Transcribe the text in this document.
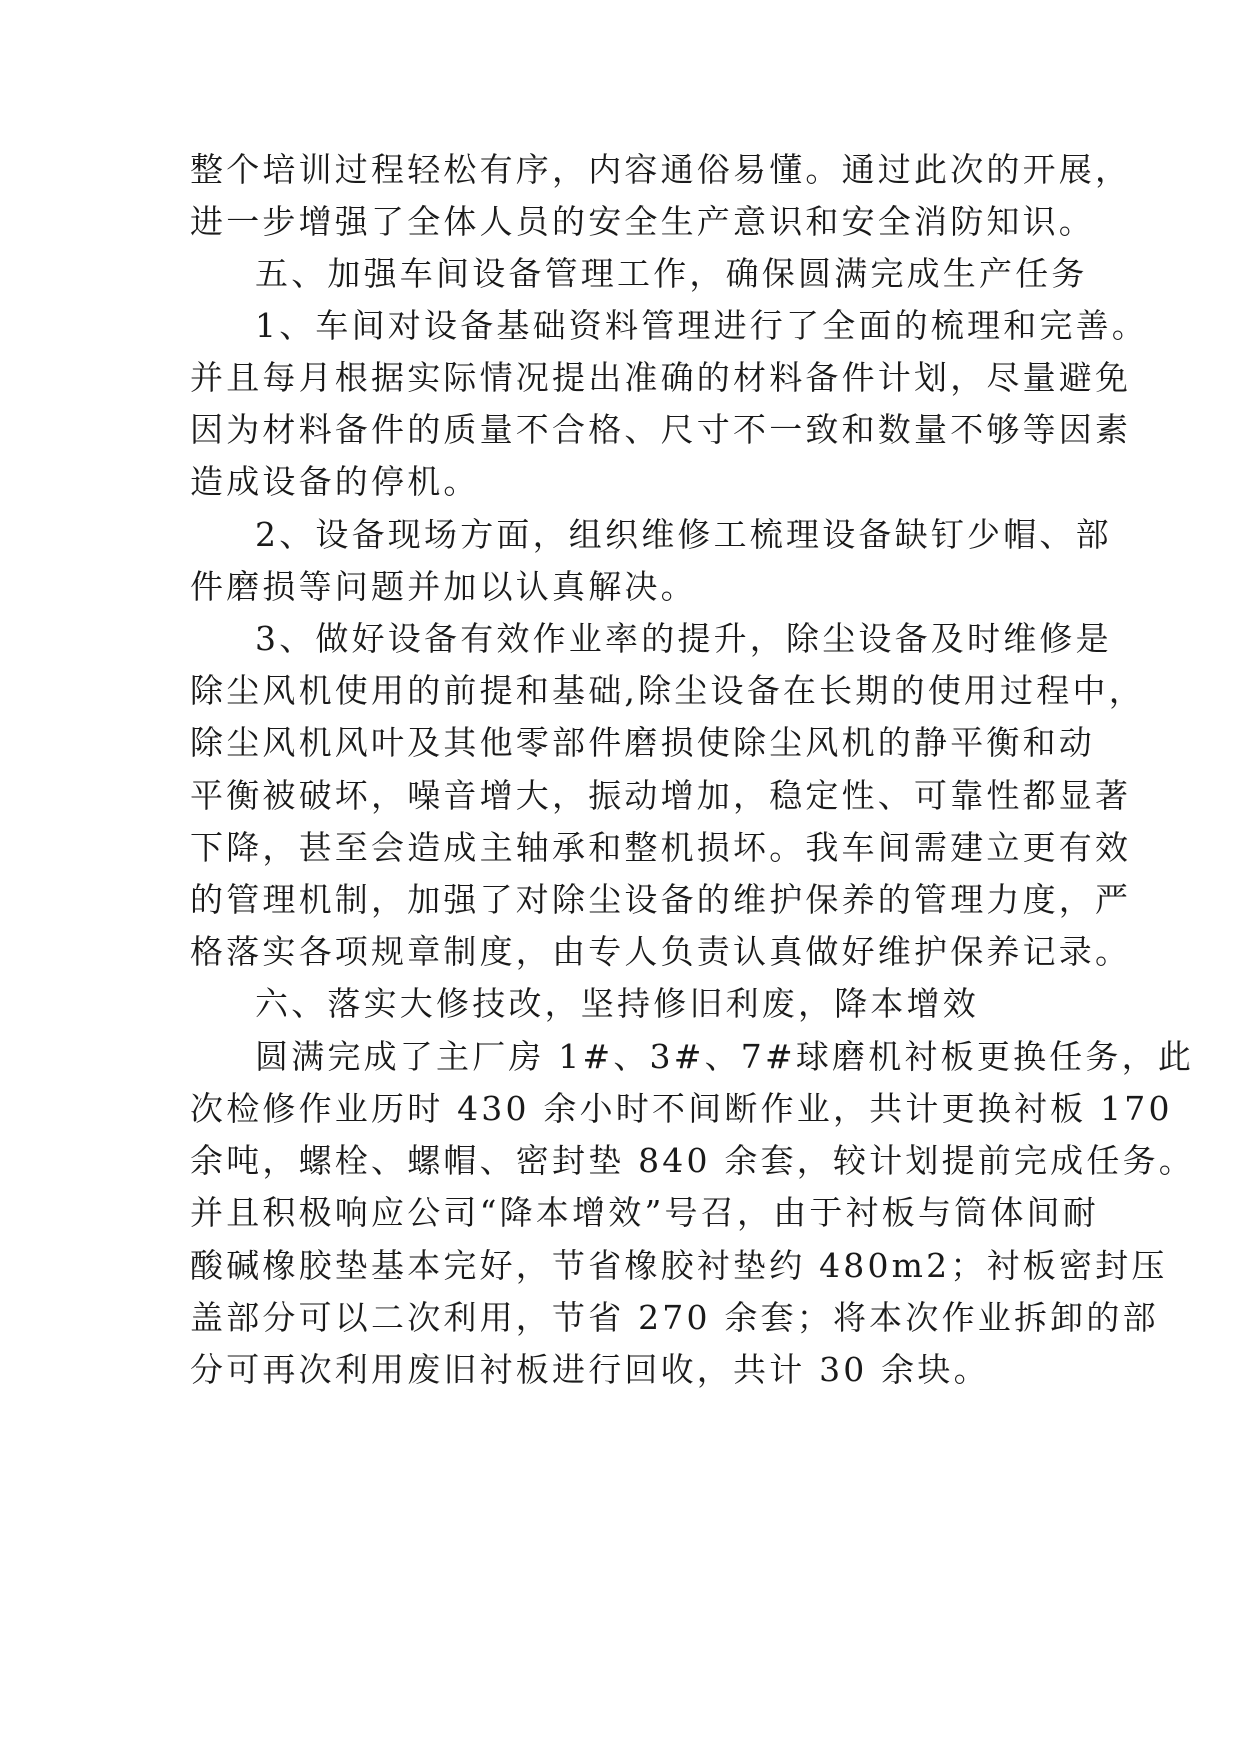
整个培训过程轻松有序，内容通俗易懂。通过此次的开展，
进一步增强了全体人员的安全生产意识和安全消防知识。
五、加强车间设备管理工作，确保圆满完成生产任务
1、车间对设备基础资料管理进行了全面的梳理和完善。
并且每月根据实际情况提出准确的材料备件计划，尽量避免
因为材料备件的质量不合格、尺寸不一致和数量不够等因素
造成设备的停机。
2、设备现场方面，组织维修工梳理设备缺钉少帽、部
件磨损等问题并加以认真解决。
3、做好设备有效作业率的提升，除尘设备及时维修是
除尘风机使用的前提和基础,除尘设备在长期的使用过程中，
除尘风机风叶及其他零部件磨损使除尘风机的静平衡和动
平衡被破坏，噪音增大，振动增加，稳定性、可靠性都显著
下降，甚至会造成主轴承和整机损坏。我车间需建立更有效
的管理机制，加强了对除尘设备的维护保养的管理力度，严
格落实各项规章制度，由专人负责认真做好维护保养记录。
六、落实大修技改，坚持修旧利废，降本增效
圆满完成了主厂房 1#、3#、7#球磨机衬板更换任务，此
次检修作业历时 430 余小时不间断作业，共计更换衬板 170
余吨，螺栓、螺帽、密封垫 840 余套，较计划提前完成任务。
并且积极响应公司“降本增效”号召，由于衬板与筒体间耐
酸碱橡胶垫基本完好，节省橡胶衬垫约 480m2；衬板密封压
盖部分可以二次利用，节省 270 余套；将本次作业拆卸的部
分可再次利用废旧衬板进行回收，共计 30 余块。
